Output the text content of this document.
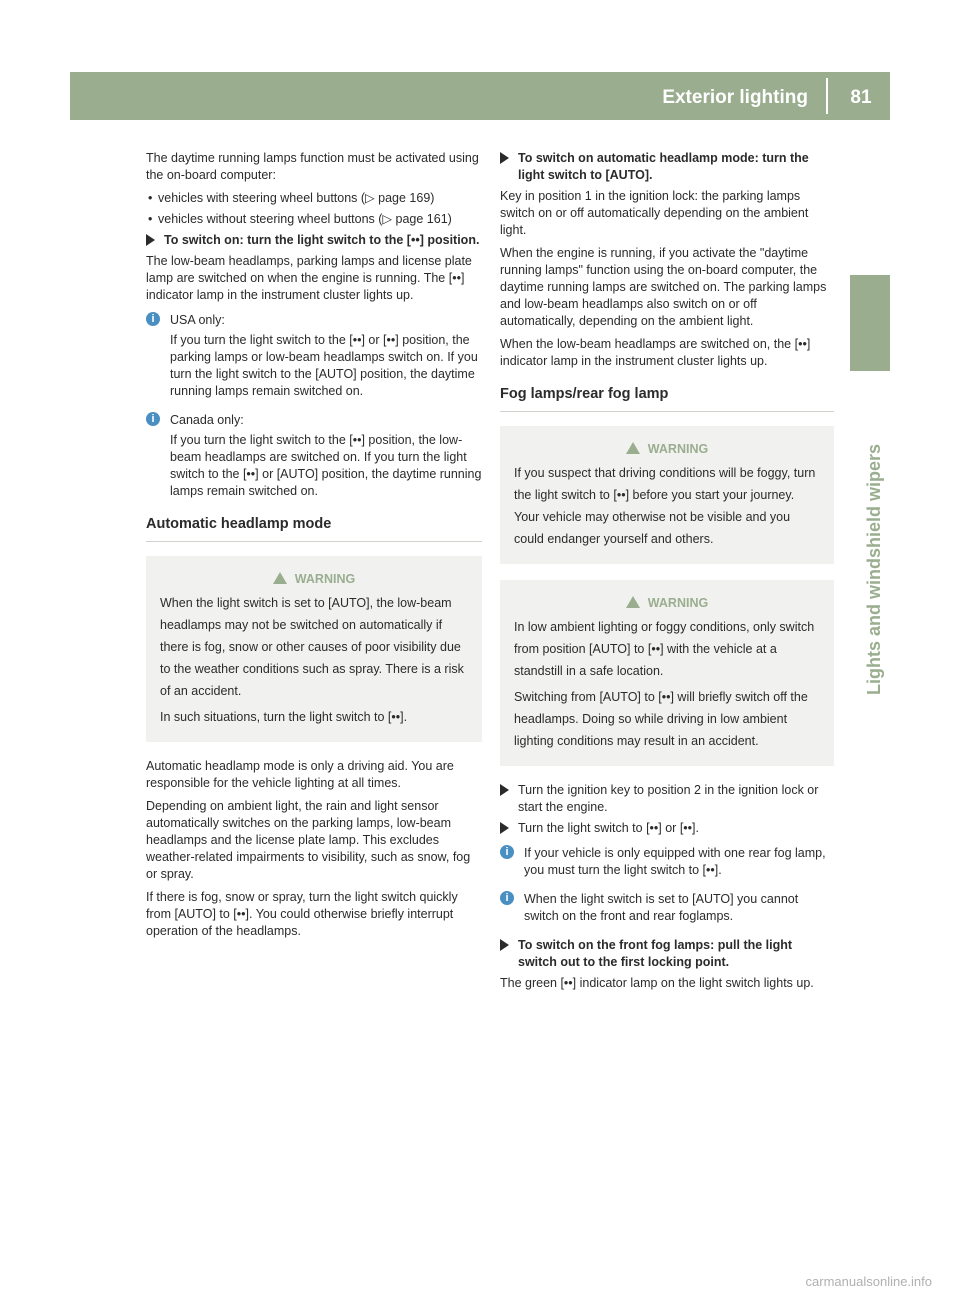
Exterior lighting	81
Lights and windshield wipers

The daytime running lamps function must be activated using the on-board computer:

• vehicles with steering wheel buttons (▷ page 169)
• vehicles without steering wheel buttons (▷ page 161)
To switch on: turn the light switch to the [••] position.

The low-beam headlamps, parking lamps and license plate lamp are switched on when the engine is running. The [••] indicator lamp in the instrument cluster lights up.

i	USA only:

If you turn the light switch to the [••] or [••] position, the parking lamps or low-beam headlamps switch on. If you turn the light switch to the [AUTO] position, the daytime running lamps remain switched on.

i	Canada only:

If you turn the light switch to the [••] position, the low-beam headlamps are switched on. If you turn the light switch to the [••] or [AUTO] position, the daytime running lamps remain switched on.

Automatic headlamp mode
WARNING

When the light switch is set to [AUTO], the low-beam headlamps may not be switched on automatically if there is fog, snow or other causes of poor visibility due to the weather conditions such as spray. There is a risk of an accident.

In such situations, turn the light switch to [••].

Automatic headlamp mode is only a driving aid. You are responsible for the vehicle lighting at all times.

Depending on ambient light, the rain and light sensor automatically switches on the parking lamps, low-beam headlamps and the license plate lamp. This excludes weather-related impairments to visibility, such as snow, fog or spray.

If there is fog, snow or spray, turn the light switch quickly from [AUTO] to [••]. You could otherwise briefly interrupt operation of the headlamps.

To switch on automatic headlamp mode: turn the light switch to [AUTO].

Key in position 1 in the ignition lock: the parking lamps switch on or off automatically depending on the ambient light.

When the engine is running, if you activate the "daytime running lamps" function using the on-board computer, the daytime running lamps are switched on. The parking lamps and low-beam headlamps also switch on or off automatically, depending on the ambient light.

When the low-beam headlamps are switched on, the [••] indicator lamp in the instrument cluster lights up.

Fog lamps/rear fog lamp
WARNING

If you suspect that driving conditions will be foggy, turn the light switch to [••] before you start your journey. Your vehicle may otherwise not be visible and you could endanger yourself and others.

WARNING

In low ambient lighting or foggy conditions, only switch from position [AUTO] to [••] with the vehicle at a standstill in a safe location.

Switching from [AUTO] to [••] will briefly switch off the headlamps. Doing so while driving in low ambient lighting conditions may result in an accident.

Turn the ignition key to position 2 in the ignition lock or start the engine.
Turn the light switch to [••] or [••].
i	If your vehicle is only equipped with one rear fog lamp, you must turn the light switch to [••].

i	When the light switch is set to [AUTO] you cannot switch on the front and rear foglamps.

To switch on the front fog lamps: pull the light switch out to the first locking point.

The green [••] indicator lamp on the light switch lights up.

carmanualsonline.info
